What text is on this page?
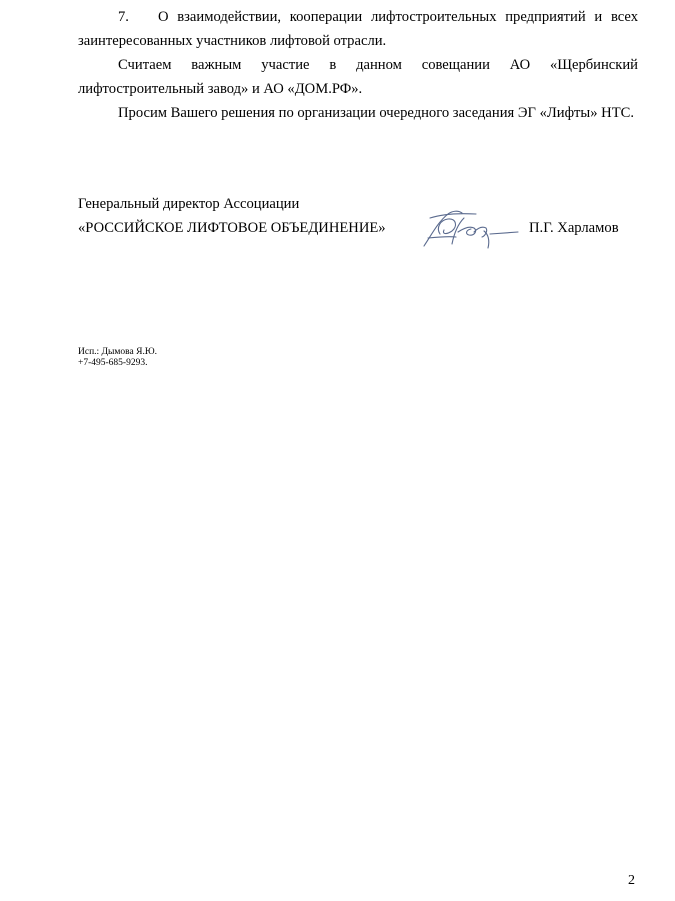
7. О взаимодействии, кооперации лифтостроительных предприятий и всех заинтересованных участников лифтовой отрасли.

Считаем важным участие в данном совещании АО «Щербинский лифтостроительный завод» и АО «ДОМ.РФ».

Просим Вашего решения по организации очередного заседания ЭГ «Лифты» НТС.

Генеральный директор Ассоциации

«РОССИЙСКОЕ ЛИФТОВОЕ ОБЪЕДИНЕНИЕ»	П.Г. Харламов

Исп.: Дымова Я.Ю.

+7-495-685-9293.

2
